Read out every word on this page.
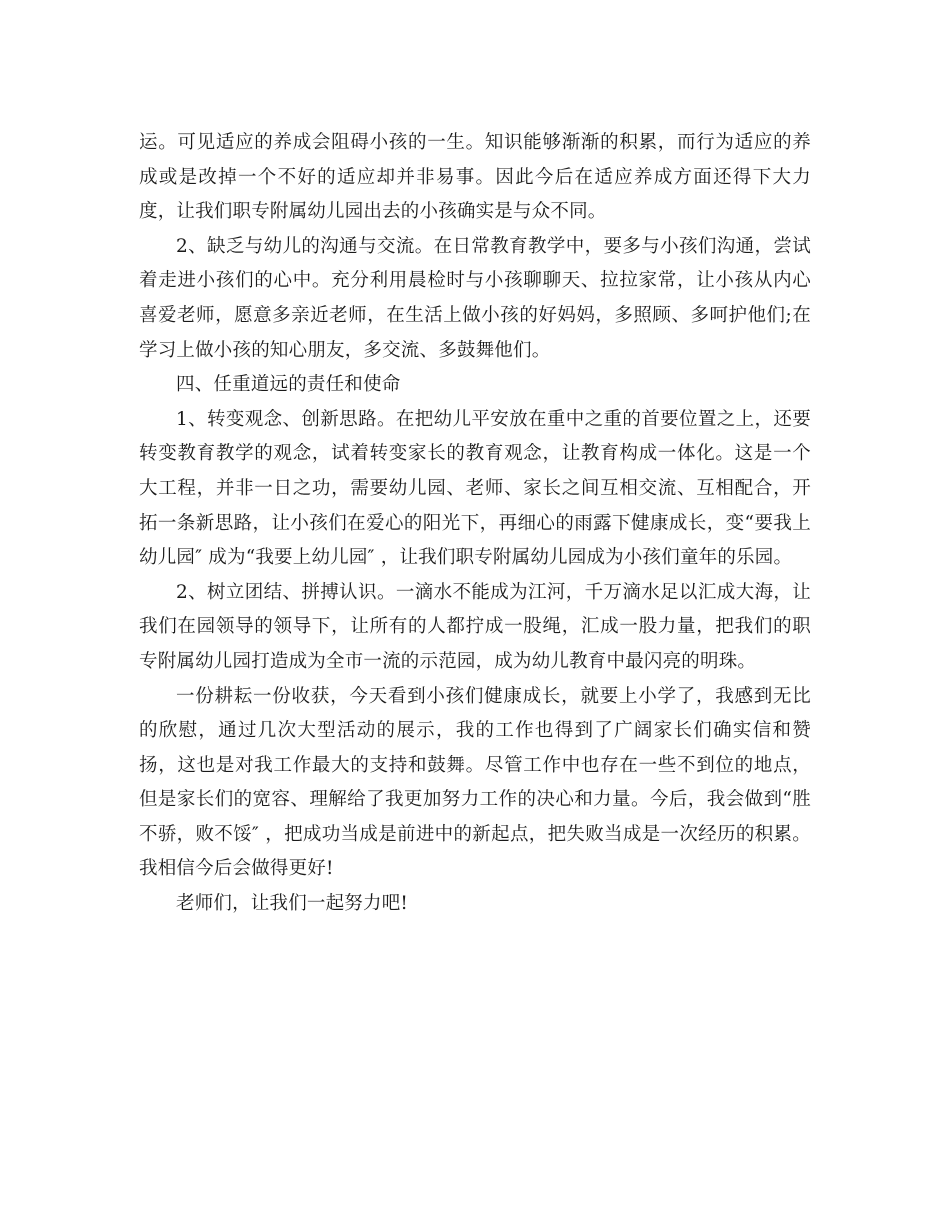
运。可见适应的养成会阻碍小孩的一生。知识能够渐渐的积累，而行为适应的养成或是改掉一个不好的适应却并非易事。因此今后在适应养成方面还得下大力度，让我们职专附属幼儿园出去的小孩确实是与众不同。

2、缺乏与幼儿的沟通与交流。在日常教育教学中，要多与小孩们沟通，尝试着走进小孩们的心中。充分利用晨检时与小孩聊聊天、拉拉家常，让小孩从内心喜爱老师，愿意多亲近老师，在生活上做小孩的好妈妈，多照顾、多呵护他们;在学习上做小孩的知心朋友，多交流、多鼓舞他们。

四、任重道远的责任和使命

1、转变观念、创新思路。在把幼儿平安放在重中之重的首要位置之上，还要转变教育教学的观念，试着转变家长的教育观念，让教育构成一体化。这是一个大工程，并非一日之功，需要幼儿园、老师、家长之间互相交流、互相配合，开拓一条新思路，让小孩们在爱心的阳光下，再细心的雨露下健康成长，变“要我上幼儿园″ 成为“我要上幼儿园″ ，让我们职专附属幼儿园成为小孩们童年的乐园。

2、树立团结、拼搏认识。一滴水不能成为江河，千万滴水足以汇成大海，让我们在园领导的领导下，让所有的人都拧成一股绳，汇成一股力量，把我们的职专附属幼儿园打造成为全市一流的示范园，成为幼儿教育中最闪亮的明珠。

一份耕耘一份收获，今天看到小孩们健康成长，就要上小学了，我感到无比的欣慰，通过几次大型活动的展示，我的工作也得到了广阔家长们确实信和赞扬，这也是对我工作最大的支持和鼓舞。尽管工作中也存在一些不到位的地点，但是家长们的宽容、理解给了我更加努力工作的决心和力量。今后，我会做到“胜不骄，败不馁″ ，把成功当成是前进中的新起点，把失败当成是一次经历的积累。我相信今后会做得更好!

老师们，让我们一起努力吧!
